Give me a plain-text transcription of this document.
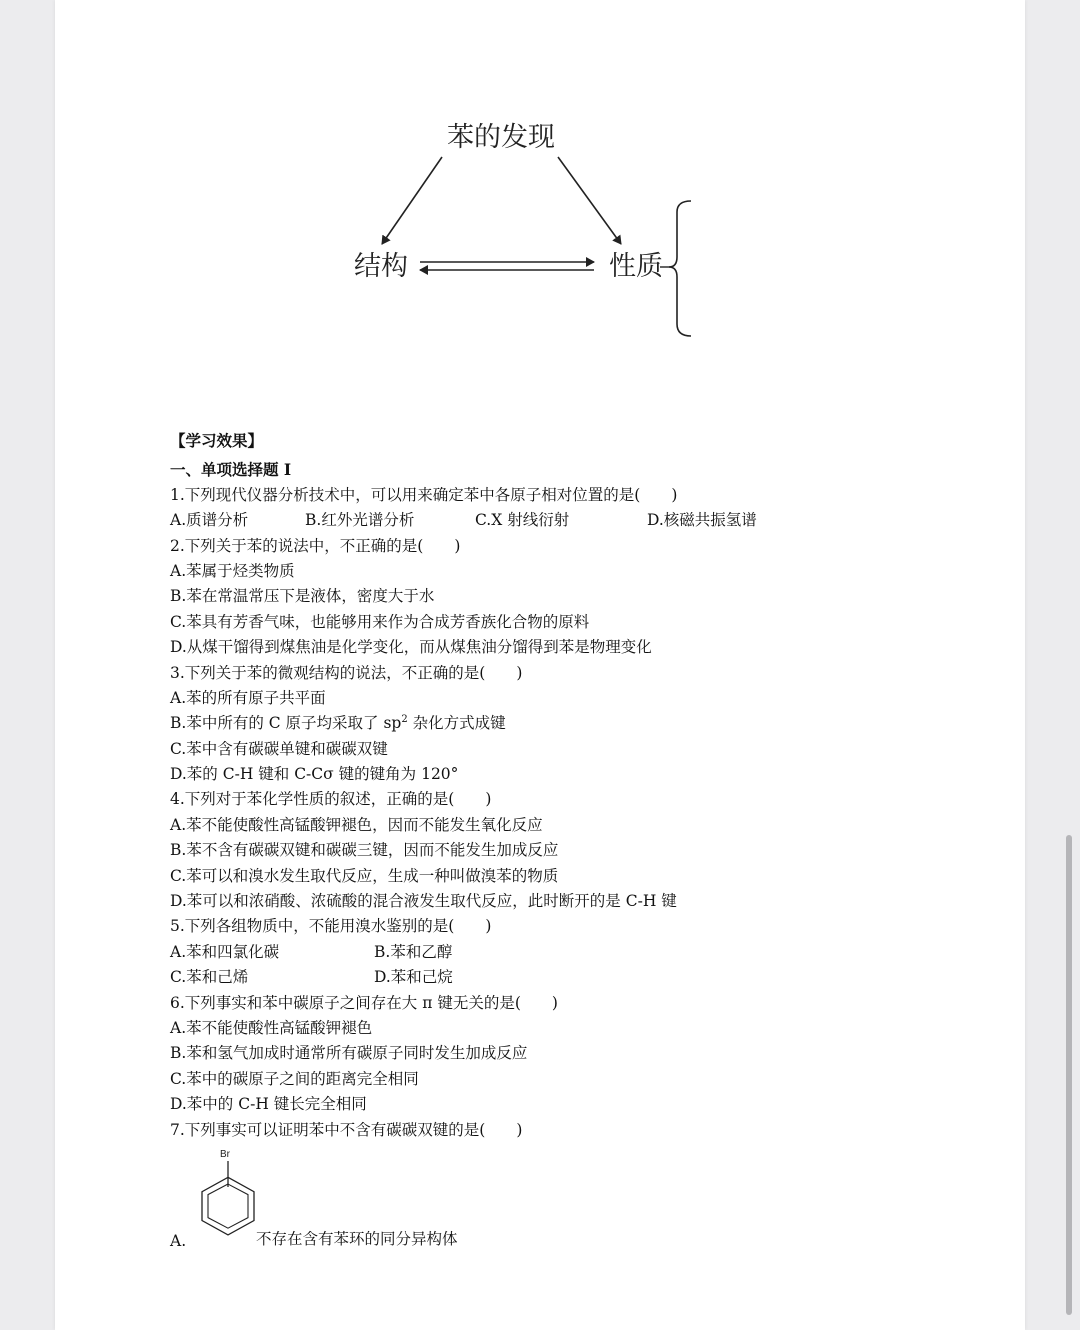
苯的发现
结构	性质
【学习效果】
一、单项选择题 I
1.下列现代仪器分析技术中，可以用来确定苯中各原子相对位置的是(　　)
A.质谱分析	B.红外光谱分析	C.X 射线衍射	D.核磁共振氢谱
2.下列关于苯的说法中，不正确的是(　　)
A.苯属于烃类物质
B.苯在常温常压下是液体，密度大于水
C.苯具有芳香气味，也能够用来作为合成芳香族化合物的原料
D.从煤干馏得到煤焦油是化学变化，而从煤焦油分馏得到苯是物理变化
3.下列关于苯的微观结构的说法，不正确的是(　　)
A.苯的所有原子共平面
B.苯中所有的 C 原子均采取了 $sp^2$ 杂化方式成键
C.苯中含有碳碳单键和碳碳双键
D.苯的 C-H 键和 C-Cσ 键的键角为 120°
4.下列对于苯化学性质的叙述，正确的是(　　)
A.苯不能使酸性高锰酸钾褪色，因而不能发生氧化反应
B.苯不含有碳碳双键和碳碳三键，因而不能发生加成反应
C.苯可以和溴水发生取代反应，生成一种叫做溴苯的物质
D.苯可以和浓硝酸、浓硫酸的混合液发生取代反应，此时断开的是 C-H 键
5.下列各组物质中，不能用溴水鉴别的是(　　)
A.苯和四氯化碳	B.苯和乙醇
C.苯和己烯	D.苯和己烷
6.下列事实和苯中碳原子之间存在大 π 键无关的是(　　)
A.苯不能使酸性高锰酸钾褪色
B.苯和氢气加成时通常所有碳原子同时发生加成反应
C.苯中的碳原子之间的距离完全相同
D.苯中的 C-H 键长完全相同
7.下列事实可以证明苯中不含有碳碳双键的是(　　)
Br
A.	不存在含有苯环的同分异构体
